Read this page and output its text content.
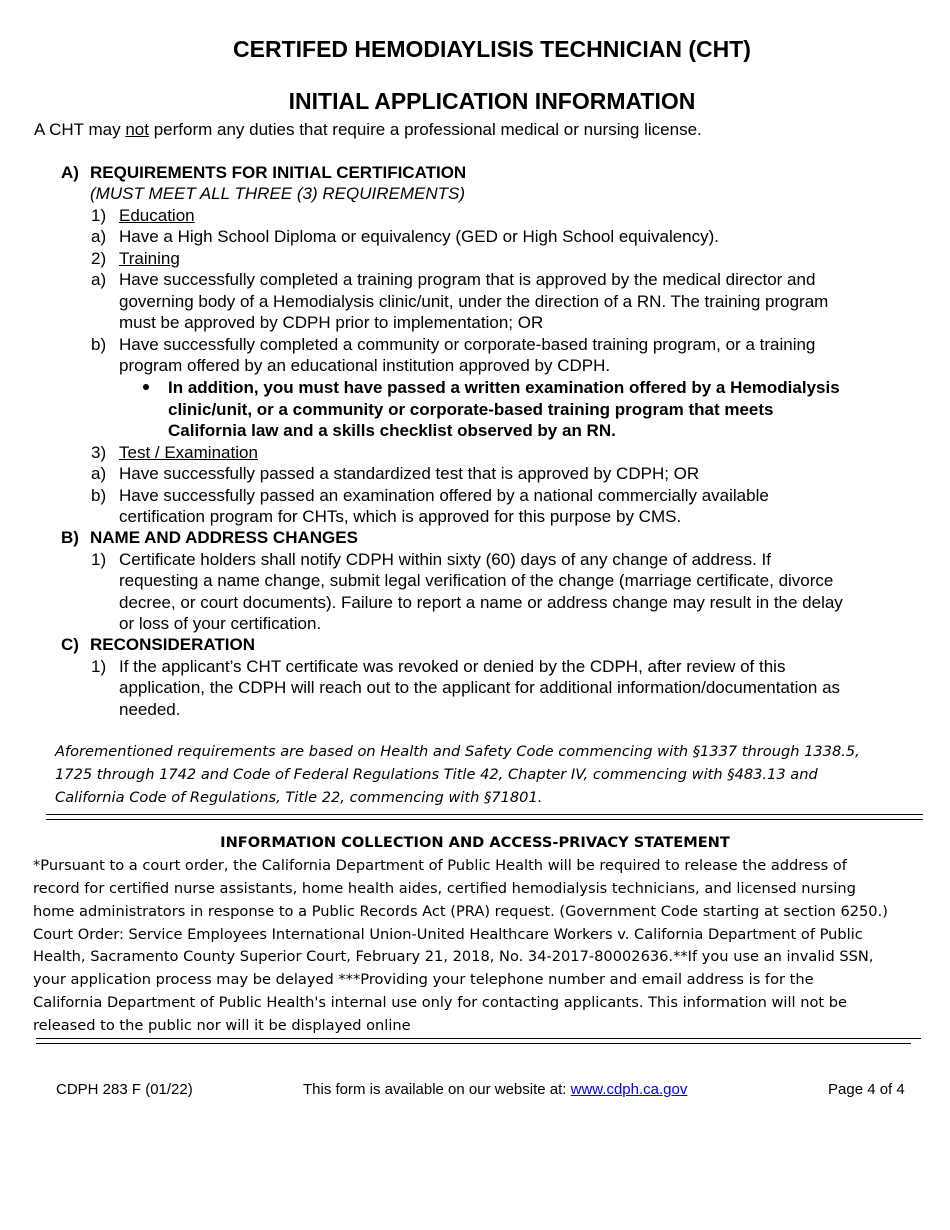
CERTIFED HEMODIAYLISIS TECHNICIAN (CHT)
INITIAL APPLICATION INFORMATION
A CHT may not perform any duties that require a professional medical or nursing license.
A) REQUIREMENTS FOR INITIAL CERTIFICATION
(MUST MEET ALL THREE (3) REQUIREMENTS)
1) Education
a) Have a High School Diploma or equivalency (GED or High School equivalency).
2) Training
a) Have successfully completed a training program that is approved by the medical director and
governing body of a Hemodialysis clinic/unit, under the direction of a RN. The training program
must be approved by CDPH prior to implementation; OR
b) Have successfully completed a community or corporate-based training program, or a training
program offered by an educational institution approved by CDPH.
In addition, you must have passed a written examination offered by a Hemodialysis
clinic/unit, or a community or corporate-based training program that meets
California law and a skills checklist observed by an RN.
3) Test / Examination
a) Have successfully passed a standardized test that is approved by CDPH; OR
b) Have successfully passed an examination offered by a national commercially available
certification program for CHTs, which is approved for this purpose by CMS.
B) NAME AND ADDRESS CHANGES
1) Certificate holders shall notify CDPH within sixty (60) days of any change of address. If
requesting a name change, submit legal verification of the change (marriage certificate, divorce
decree, or court documents). Failure to report a name or address change may result in the delay
or loss of your certification.
C) RECONSIDERATION
1) If the applicant’s CHT certificate was revoked or denied by the CDPH, after review of this
application, the CDPH will reach out to the applicant for additional information/documentation as
needed.
Aforementioned requirements are based on Health and Safety Code commencing with §1337 through 1338.5,
1725 through 1742 and Code of Federal Regulations Title 42, Chapter IV, commencing with §483.13 and
California Code of Regulations, Title 22, commencing with §71801.
INFORMATION COLLECTION AND ACCESS-PRIVACY STATEMENT
*Pursuant to a court order, the California Department of Public Health will be required to release the address of
record for certified nurse assistants, home health aides, certified hemodialysis technicians, and licensed nursing
home administrators in response to a Public Records Act (PRA) request. (Government Code starting at section 6250.)
Court Order: Service Employees International Union-United Healthcare Workers v. California Department of Public
Health, Sacramento County Superior Court, February 21, 2018, No. 34-2017-80002636.**If you use an invalid SSN,
your application process may be delayed ***Providing your telephone number and email address is for the
California Department of Public Health's internal use only for contacting applicants. This information will not be
released to the public nor will it be displayed online
CDPH 283 F (01/22)	This form is available on our website at: www.cdph.ca.gov	Page 4 of 4
